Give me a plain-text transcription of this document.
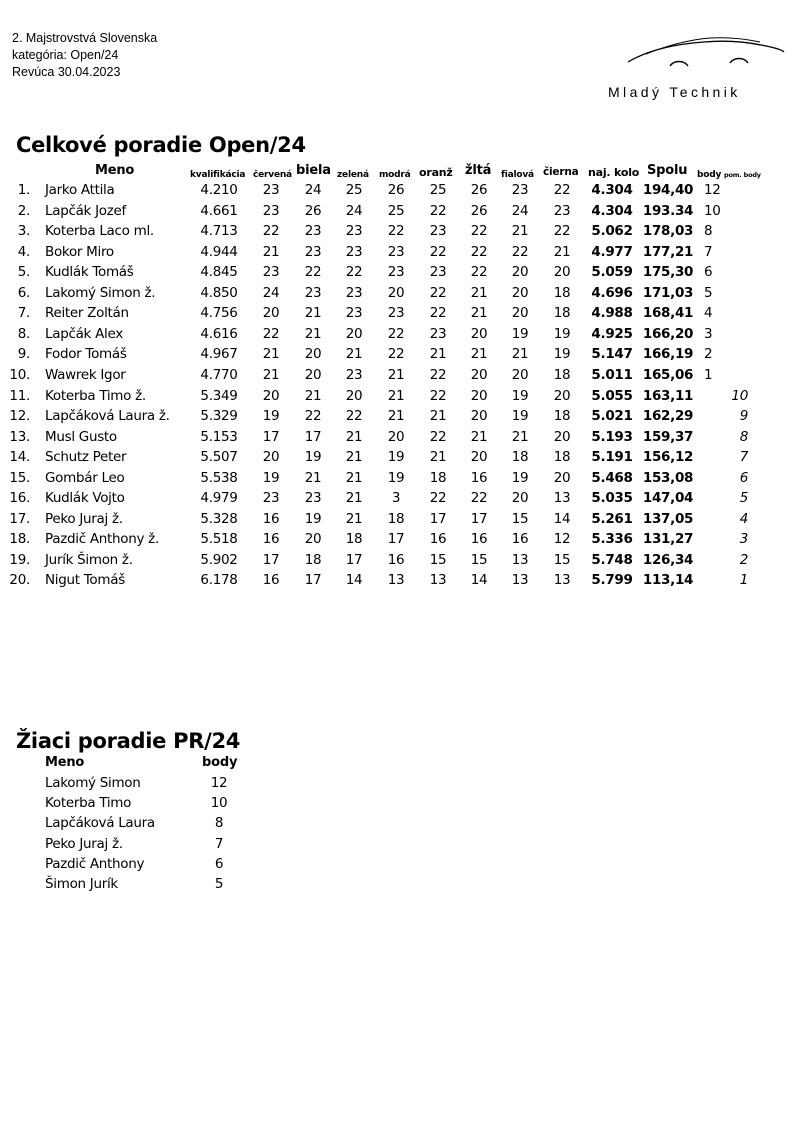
2. Majstrovstvá Slovenska
kategória: Open/24
Revúca 30.04.2023
Mladý Technik
Celkové poradie Open/24
Meno	kvalifikácia červená biela zelená modrá oranž žltá fialová čierna naj. kolo Spolu body pom. body
1. Jarko Attila	4.210 23 24 25 26 25 26 23 22 4.304 194,40 12
2. Lapčák Jozef	4.661 23 26 24 25 22 26 24 23 4.304 193.34 10
3. Koterba Laco ml.	4.713 22 23 23 22 23 22 21 22 5.062 178,03 8
4. Bokor Miro	4.944 21 23 23 23 22 22 22 21 4.977 177,21 7
5. Kudlák Tomáš	4.845 23 22 22 23 23 22 20 20 5.059 175,30 6
6. Lakomý Simon ž.	4.850 24 23 23 20 22 21 20 18 4.696 171,03 5
7. Reiter Zoltán	4.756 20 21 23 23 22 21 20 18 4.988 168,41 4
8. Lapčák Alex	4.616 22 21 20 22 23 20 19 19 4.925 166,20 3
9. Fodor Tomáš	4.967 21 20 21 22 21 21 21 19 5.147 166,19 2
10. Wawrek Igor	4.770 21 20 23 21 22 20 20 18 5.011 165,06 1
11. Koterba Timo ž.	5.349 20 21 20 21 22 20 19 20 5.055 163,11	10
12. Lapčáková Laura ž. 5.329 19 22 22 21 21 20 19 18 5.021 162,29	9
13. Musl Gusto	5.153 17 17 21 20 22 21 21 20 5.193 159,37	8
14. Schutz Peter	5.507 20 19 21 19 21 20 18 18 5.191 156,12	7
15. Gombár Leo	5.538 19 21 21 19 18 16 19 20 5.468 153,08	6
16. Kudlák Vojto	4.979 23 23 21 3 22 22 20 13 5.035 147,04	5
17. Peko Juraj ž.	5.328 16 19 21 18 17 17 15 14 5.261 137,05	4
18. Pazdič Anthony ž.	5.518 16 20 18 17 16 16 16 12 5.336 131,27	3
19. Jurík Šimon ž.	5.902 17 18 17 16 15 15 13 15 5.748 126,34	2
20. Nigut Tomáš	6.178 16 17 14 13 13 14 13 13 5.799 113,14	1
Žiaci poradie PR/24
Meno	body
Lakomý Simon	12
Koterba Timo	10
Lapčáková Laura	8
Peko Juraj ž.	7
Pazdič Anthony	6
Šimon Jurík	5
